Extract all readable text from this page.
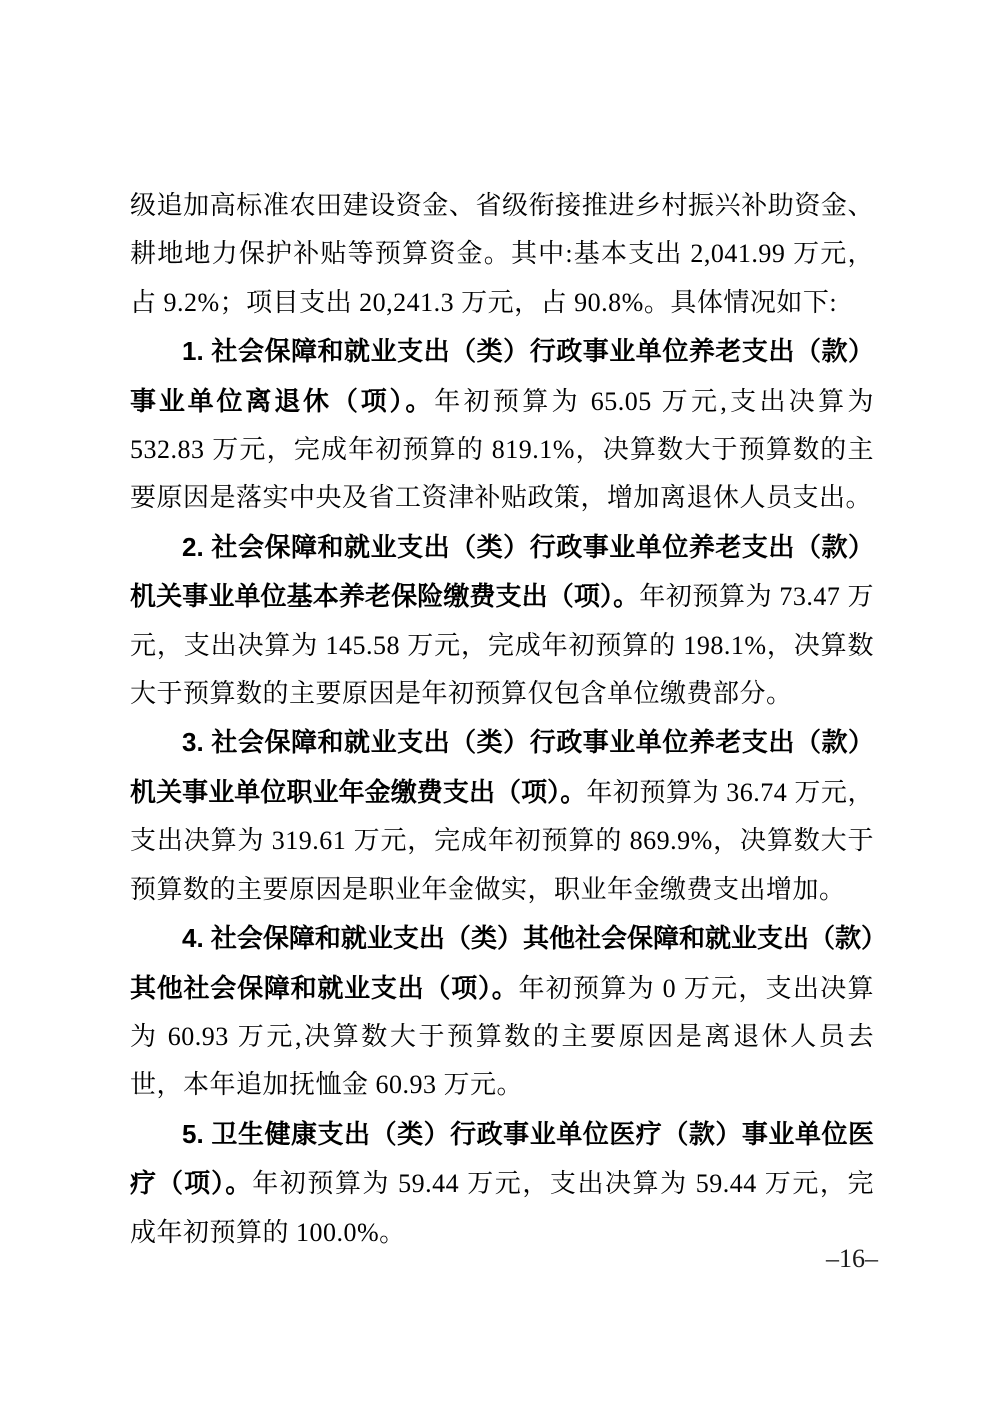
级追加高标准农田建设资金、省级衔接推进乡村振兴补助资金、耕地地力保护补贴等预算资金。其中:基本支出 2,041.99 万元，占 9.2%；项目支出 20,241.3 万元，占 90.8%。具体情况如下:

1. 社会保障和就业支出（类）行政事业单位养老支出（款）事业单位离退休（项）。年初预算为 65.05 万元,支出决算为 532.83 万元，完成年初预算的 819.1%，决算数大于预算数的主要原因是落实中央及省工资津补贴政策，增加离退休人员支出。

2. 社会保障和就业支出（类）行政事业单位养老支出（款）机关事业单位基本养老保险缴费支出（项）。年初预算为 73.47 万元，支出决算为 145.58 万元，完成年初预算的 198.1%，决算数大于预算数的主要原因是年初预算仅包含单位缴费部分。

3. 社会保障和就业支出（类）行政事业单位养老支出（款）机关事业单位职业年金缴费支出（项）。年初预算为 36.74 万元，支出决算为 319.61 万元，完成年初预算的 869.9%，决算数大于预算数的主要原因是职业年金做实，职业年金缴费支出增加。

4. 社会保障和就业支出（类）其他社会保障和就业支出（款）其他社会保障和就业支出（项）。年初预算为 0 万元，支出决算为 60.93 万元,决算数大于预算数的主要原因是离退休人员去世，本年追加抚恤金 60.93 万元。

5. 卫生健康支出（类）行政事业单位医疗（款）事业单位医疗（项）。年初预算为 59.44 万元，支出决算为 59.44 万元，完成年初预算的 100.0%。

–16–
